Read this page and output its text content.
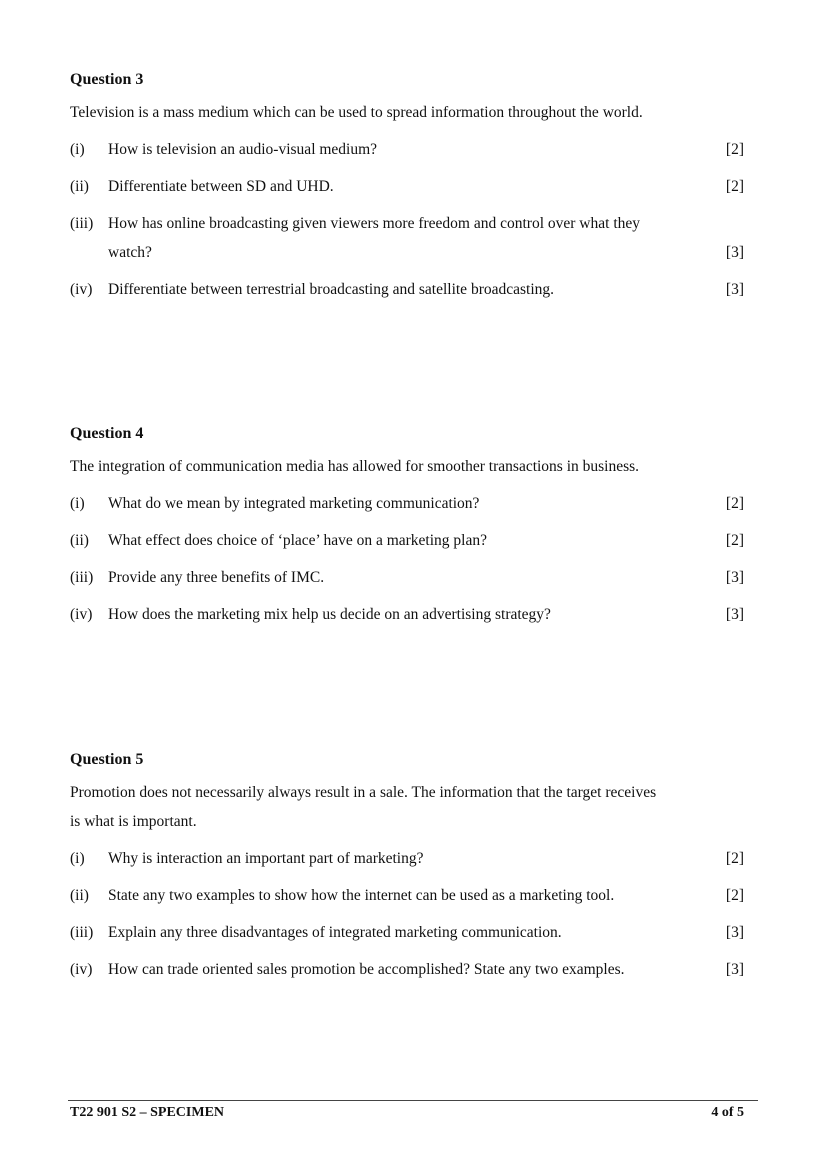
Question 3
Television is a mass medium which can be used to spread information throughout the world.
(i)	How is television an audio-visual medium?	[2]
(ii)	Differentiate between SD and UHD.	[2]
(iii) How has online broadcasting given viewers more freedom and control over what they watch?	[3]
(iv)	Differentiate between terrestrial broadcasting and satellite broadcasting.	[3]
Question 4
The integration of communication media has allowed for smoother transactions in business.
(i)	What do we mean by integrated marketing communication?	[2]
(ii)	What effect does choice of ‘place’ have on a marketing plan?	[2]
(iii) Provide any three benefits of IMC.	[3]
(iv)	How does the marketing mix help us decide on an advertising strategy?	[3]
Question 5
Promotion does not necessarily always result in a sale. The information that the target receives is what is important.
(i)	Why is interaction an important part of marketing?	[2]
(ii)	State any two examples to show how the internet can be used as a marketing tool.	[2]
(iii) Explain any three disadvantages of integrated marketing communication.	[3]
(iv)	How can trade oriented sales promotion be accomplished? State any two examples.	[3]
T22 901 S2 – SPECIMEN	4 of 5
